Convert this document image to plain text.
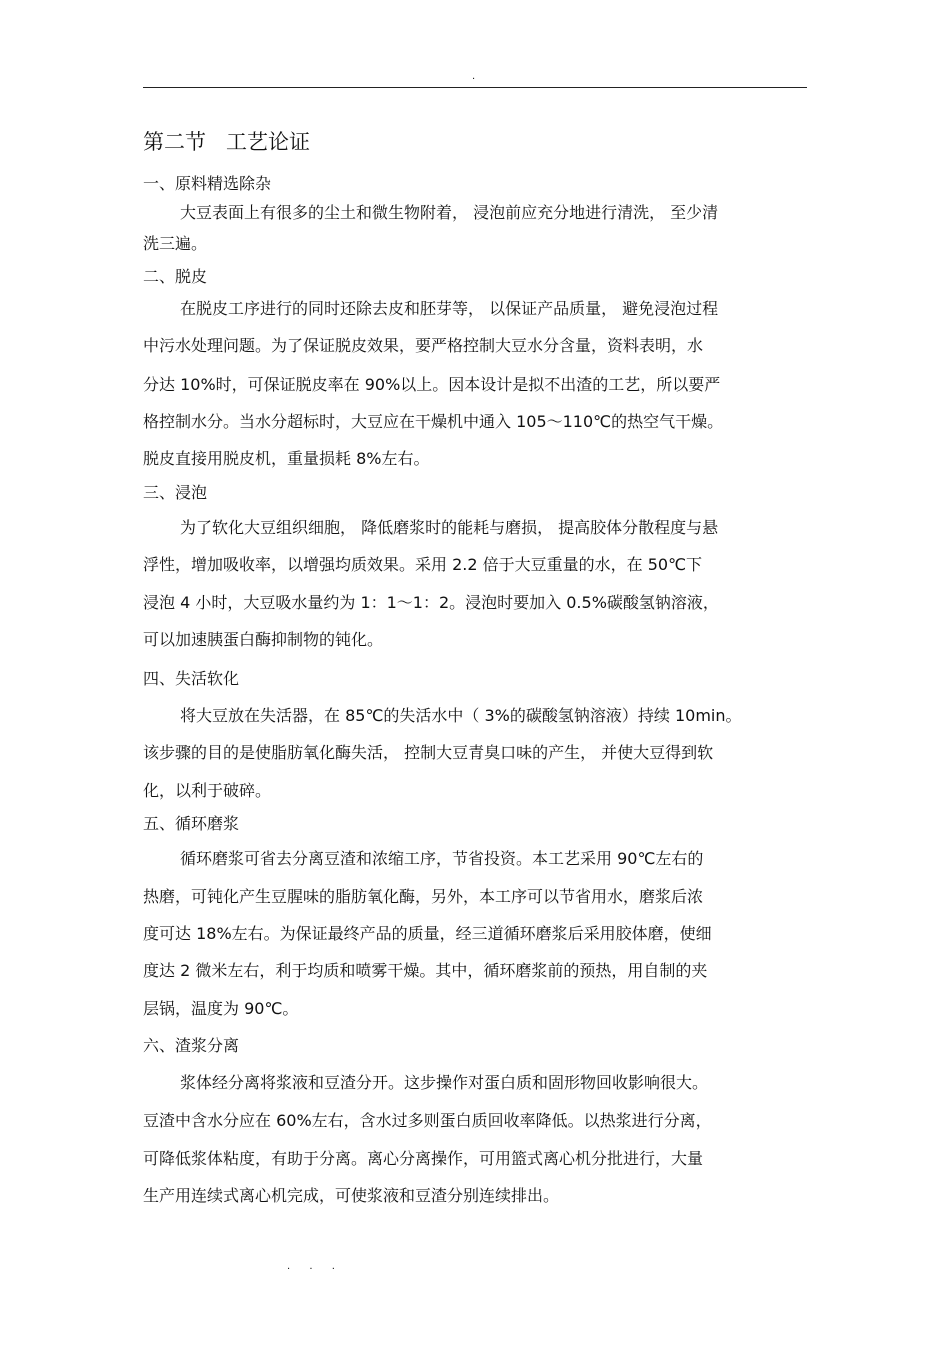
.
第二节   工艺论证
一、原料精选除杂
大豆表面上有很多的尘土和微生物附着， 浸泡前应充分地进行清洗， 至少清
洗三遍。
二、脱皮
在脱皮工序进行的同时还除去皮和胚芽等， 以保证产品质量， 避免浸泡过程
中污水处理问题。为了保证脱皮效果，要严格控制大豆水分含量，资料表明，水
分达 10%时，可保证脱皮率在 90%以上。因本设计是拟不出渣的工艺，所以要严
格控制水分。当水分超标时，大豆应在干燥机中通入 105～110℃的热空气干燥。
脱皮直接用脱皮机，重量损耗 8%左右。
三、浸泡
为了软化大豆组织细胞， 降低磨浆时的能耗与磨损， 提高胶体分散程度与悬
浮性，增加吸收率，以增强均质效果。采用 2.2 倍于大豆重量的水，在 50℃下
浸泡 4 小时，大豆吸水量约为 1：1～1：2。浸泡时要加入 0.5%碳酸氢钠溶液，
可以加速胰蛋白酶抑制物的钝化。
四、失活软化
将大豆放在失活器，在 85℃的失活水中（ 3%的碳酸氢钠溶液）持续 10min。
该步骤的目的是使脂肪氧化酶失活， 控制大豆青臭口味的产生， 并使大豆得到软
化，以利于破碎。
五、循环磨浆
循环磨浆可省去分离豆渣和浓缩工序，节省投资。本工艺采用 90℃左右的
热磨，可钝化产生豆腥味的脂肪氧化酶，另外，本工序可以节省用水，磨浆后浓
度可达 18%左右。为保证最终产品的质量，经三道循环磨浆后采用胶体磨，使细
度达 2 微米左右，利于均质和喷雾干燥。其中，循环磨浆前的预热，用自制的夹
层锅，温度为 90℃。
六、渣浆分离
浆体经分离将浆液和豆渣分开。这步操作对蛋白质和固形物回收影响很大。
豆渣中含水分应在 60%左右，含水过多则蛋白质回收率降低。以热浆进行分离，
可降低浆体粘度，有助于分离。离心分离操作，可用篮式离心机分批进行，大量
生产用连续式离心机完成，可使浆液和豆渣分别连续排出。
. . .
